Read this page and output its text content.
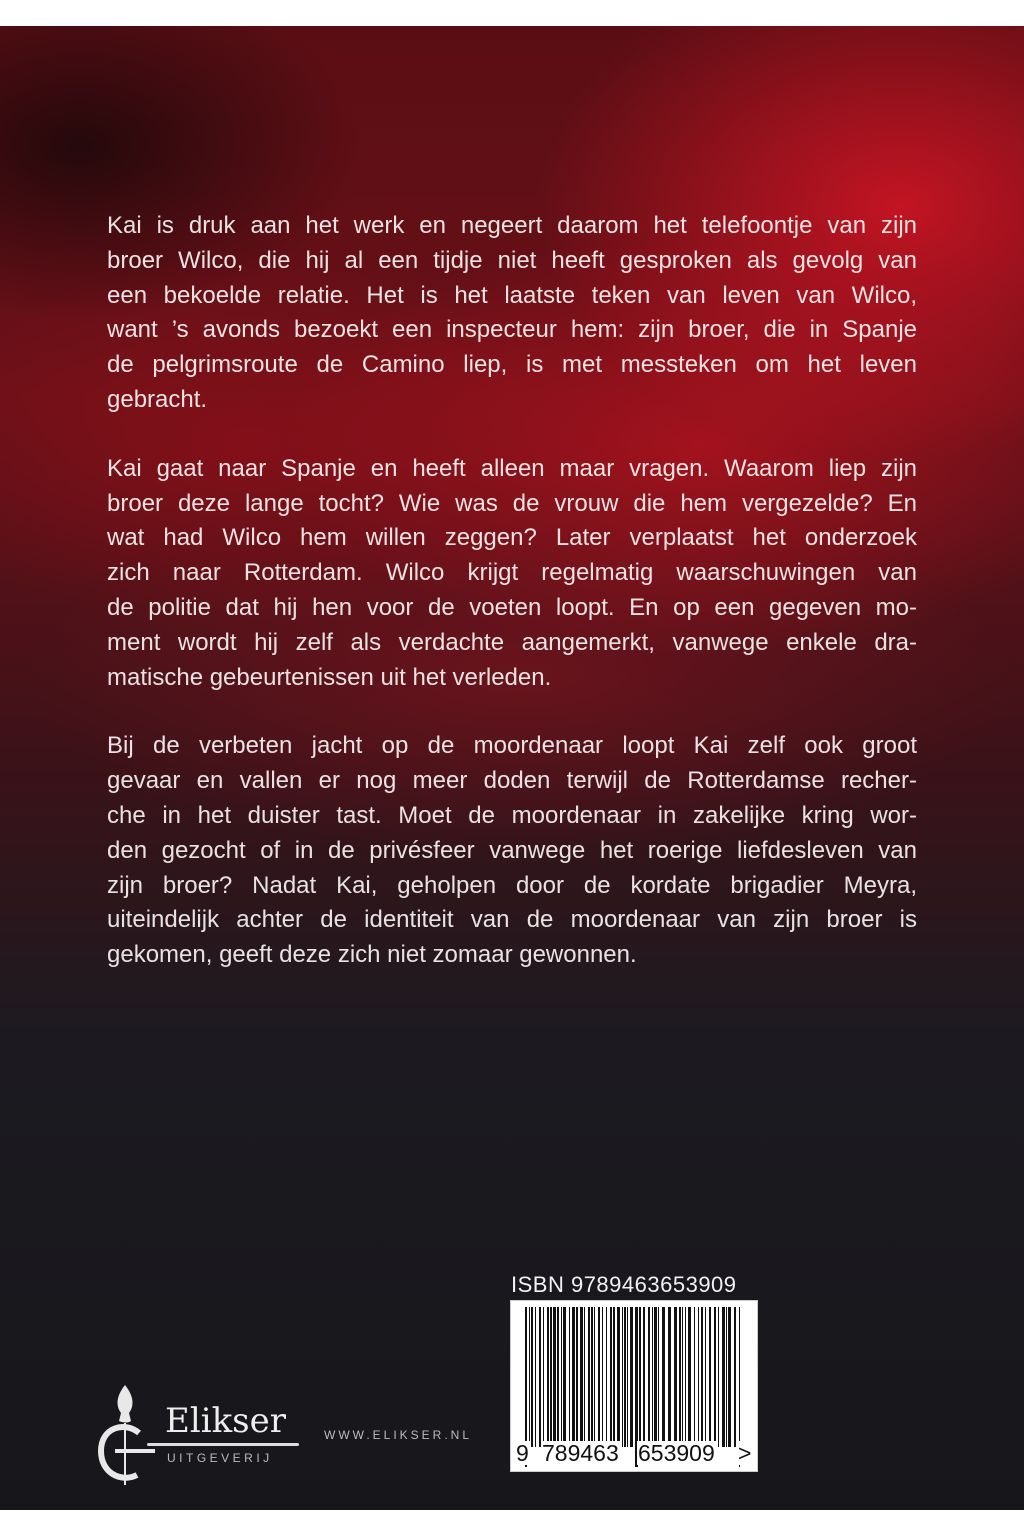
Kai is druk aan het werk en negeert daarom het telefoontje van zijn
broer Wilco, die hij al een tijdje niet heeft gesproken als gevolg van
een bekoelde relatie. Het is het laatste teken van leven van Wilco,
want ’s avonds bezoekt een inspecteur hem: zijn broer, die in Spanje
de pelgrimsroute de Camino liep, is met messteken om het leven
gebracht.
Kai gaat naar Spanje en heeft alleen maar vragen. Waarom liep zijn
broer deze lange tocht? Wie was de vrouw die hem vergezelde? En
wat had Wilco hem willen zeggen? Later verplaatst het onderzoek
zich naar Rotterdam. Wilco krijgt regelmatig waarschuwingen van
de politie dat hij hen voor de voeten loopt. En op een gegeven mo-
ment wordt hij zelf als verdachte aangemerkt, vanwege enkele dra-
matische gebeurtenissen uit het verleden.
Bij de verbeten jacht op de moordenaar loopt Kai zelf ook groot
gevaar en vallen er nog meer doden terwijl de Rotterdamse recher-
che in het duister tast. Moet de moordenaar in zakelijke kring wor-
den gezocht of in de privésfeer vanwege het roerige liefdesleven van
zijn broer? Nadat Kai, geholpen door de kordate brigadier Meyra,
uiteindelijk achter de identiteit van de moordenaar van zijn broer is
gekomen, geeft deze zich niet zomaar gewonnen.
Elikser
UITGEVERIJ
WWW.ELIKSER.NL
ISBN 9789463653909
9 789463 653909 >
